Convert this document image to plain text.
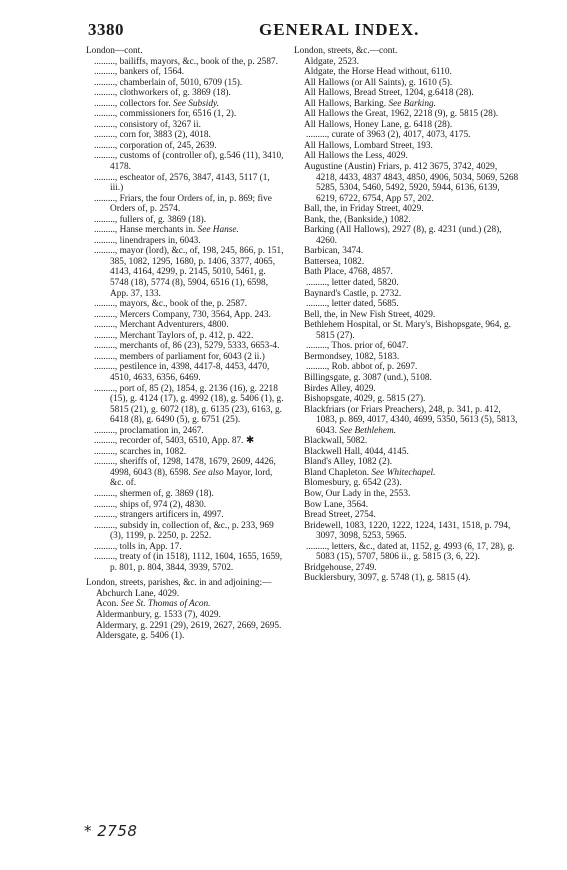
3380	GENERAL INDEX.

London—cont.

........., bailiffs, mayors, &c., book of the, p. 2587.

........., bankers of, 1564.

........., chamberlain of, 5010, 6709 (15).

........., clothworkers of, g. 3869 (18).

........., collectors for. See Subsidy.

........., commissioners for, 6516 (1, 2).

........., consistory of, 3267 ii.

........., corn for, 3883 (2), 4018.

........., corporation of, 245, 2639.

........., customs of (controller of), g.546 (11), 3410, 4178.

........., escheator of, 2576, 3847, 4143, 5117 (1, iii.)

........., Friars, the four Orders of, in, p. 869; five Orders of, p. 2574.

........., fullers of, g. 3869 (18).

........., Hanse merchants in. See Hanse.

........., linendrapers in, 6043.

........., mayor (lord), &c., of, 198, 245, 866, p. 151, 385, 1082, 1295, 1680, p. 1406, 3377, 4065, 4143, 4164, 4299, p. 2145, 5010, 5461, g. 5748 (18), 5774 (8), 5904, 6516 (1), 6598, App. 37, 133.

........., mayors, &c., book of the, p. 2587.

........., Mercers Company, 730, 3564, App. 243.

........., Merchant Adventurers, 4800.

........., Merchant Taylors of, p. 412, p. 422.

........., merchants of, 86 (23), 5279, 5333, 6653-4.

........., members of parliament for, 6043 (2 ii.)

........., pestilence in, 4398, 4417-8, 4453, 4470, 4510, 4633, 6356, 6469.

........., port of, 85 (2), 1854, g. 2136 (16), g. 2218 (15), g. 4124 (17), g. 4992 (18), g. 5406 (1), g. 5815 (21), g. 6072 (18), g. 6135 (23), 6163, g. 6418 (8), g. 6490 (5), g. 6751 (25).

........., proclamation in, 2467.

........., recorder of, 5403, 6510, App. 87. ✱

........., scarches in, 1082.

........., sheriffs of, 1298, 1478, 1679, 2609, 4426, 4998, 6043 (8), 6598. See also Mayor, lord, &c. of.

........., shermen of, g. 3869 (18).

........., ships of, 974 (2), 4830.

........., strangers artificers in, 4997.

........., subsidy in, collection of, &c., p. 233, 969 (3), 1199, p. 2250, p. 2252.

........., tolls in, App. 17.

........., treaty of (in 1518), 1112, 1604, 1655, 1659, p. 801, p. 804, 3844, 3939, 5702.

London, streets, parishes, &c. in and adjoining:—

Abchurch Lane, 4029.

Acon. See St. Thomas of Acon.

Aldermanbury, g. 1533 (7), 4029.

Aldermary, g. 2291 (29), 2619, 2627, 2669, 2695.

Aldersgate, g. 5406 (1).

London, streets, &c.—cont.

Aldgate, 2523.

Aldgate, the Horse Head without, 6110.

All Hallows (or All Saints), g. 1610 (5).

All Hallows, Bread Street, 1204, g.6418 (28).

All Hallows, Barking. See Barking.

All Hallows the Great, 1962, 2218 (9), g. 5815 (28).

All Hallows, Honey Lane, g. 6418 (28).

........., curate of 3963 (2), 4017, 4073, 4175.

All Hallows, Lombard Street, 193.

All Hallows the Less, 4029.

Augustine (Austin) Friars, p. 412 3675, 3742, 4029, 4218, 4433, 4837 4843, 4850, 4906, 5034, 5069, 5268 5285, 5304, 5460, 5492, 5920, 5944, 6136, 6139, 6219, 6722, 6754, App 57, 202.

Ball, the, in Friday Street, 4029.

Bank, the, (Bankside,) 1082.

Barking (All Hallows), 2927 (8), g. 4231 (und.) (28), 4260.

Barbican, 3474.

Battersea, 1082.

Bath Place, 4768, 4857.

........., letter dated, 5820.

Baynard's Castle, p. 2732.

........., letter dated, 5685.

Bell, the, in New Fish Street, 4029.

Bethlehem Hospital, or St. Mary's, Bishopsgate, 964, g. 5815 (27).

........., Thos. prior of, 6047.

Bermondsey, 1082, 5183.

........., Rob. abbot of, p. 2697.

Billingsgate, g. 3087 (und.), 5108.

Birdes Alley, 4029.

Bishopsgate, 4029, g. 5815 (27).

Blackfriars (or Friars Preachers), 248, p. 341, p. 412, 1083, p. 869, 4017, 4340, 4699, 5350, 5613 (5), 5813, 6043. See Bethlehem.

Blackwall, 5082.

Blackwell Hall, 4044, 4145.

Bland's Alley, 1082 (2).

Bland Chapleton. See Whitechapel.

Blomesbury, g. 6542 (23).

Bow, Our Lady in the, 2553.

Bow Lane, 3564.

Bread Street, 2754.

Bridewell, 1083, 1220, 1222, 1224, 1431, 1518, p. 794, 3097, 3098, 5253, 5965.

........., letters, &c., dated at, 1152, g. 4993 (6, 17, 28), g. 5083 (15), 5707, 5806 ii., g. 5815 (3, 6, 22).

Bridgehouse, 2749.

Bucklersbury, 3097, g. 5748 (1), g. 5815 (4).

* 2758
